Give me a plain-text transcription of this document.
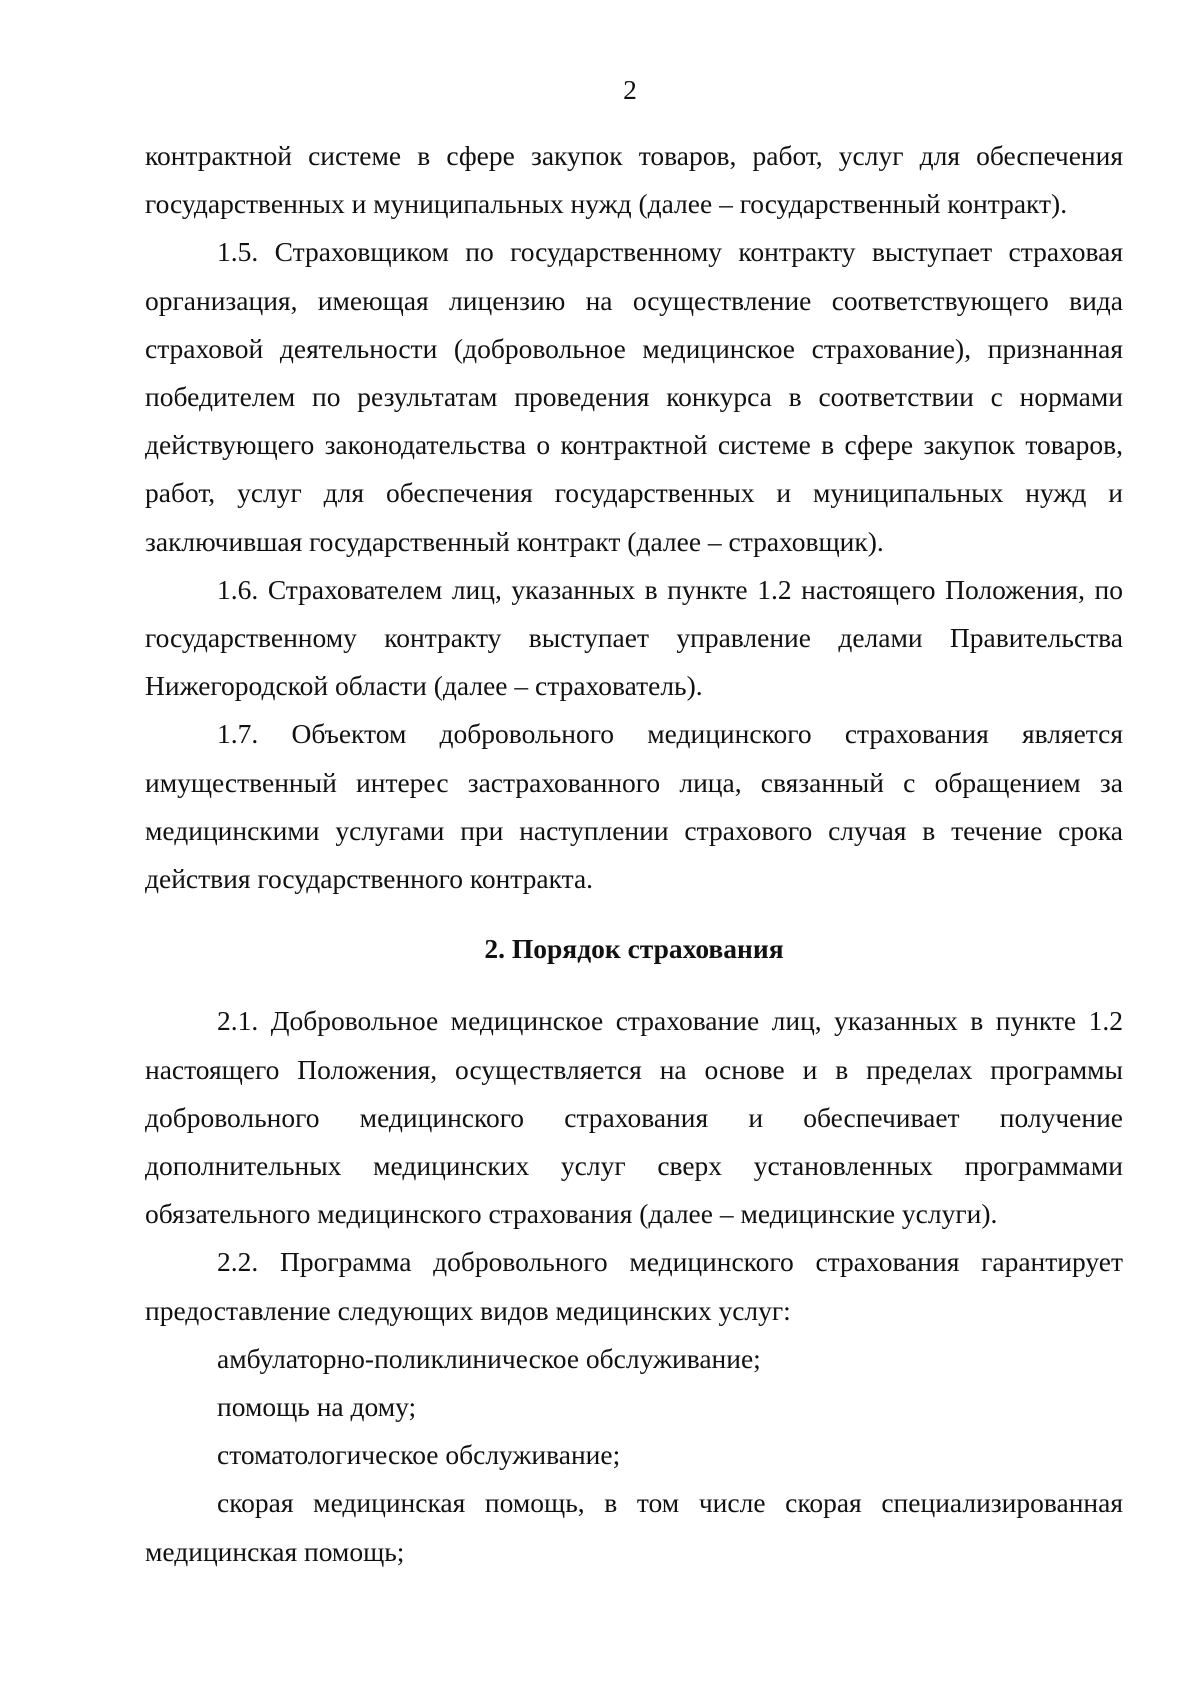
2

контрактной системе в сфере закупок товаров, работ, услуг для обеспечения государственных и муниципальных нужд (далее – государственный контракт).

1.5. Страховщиком по государственному контракту выступает страховая организация, имеющая лицензию на осуществление соответствующего вида страховой деятельности (добровольное медицинское страхование), признанная победителем по результатам проведения конкурса в соответствии с нормами действующего законодательства о контрактной системе в сфере закупок товаров, работ, услуг для обеспечения государственных и муниципальных нужд и заключившая государственный контракт (далее – страховщик).

1.6. Страхователем лиц, указанных в пункте 1.2 настоящего Положения, по государственному контракту выступает управление делами Правительства Нижегородской области (далее – страхователь).

1.7. Объектом добровольного медицинского страхования является имущественный интерес застрахованного лица, связанный с обращением за медицинскими услугами при наступлении страхового случая в течение срока действия государственного контракта.

2. Порядок страхования

2.1. Добровольное медицинское страхование лиц, указанных в пункте 1.2 настоящего Положения, осуществляется на основе и в пределах программы добровольного медицинского страхования и обеспечивает получение дополнительных медицинских услуг сверх установленных программами обязательного медицинского страхования (далее – медицинские услуги).

2.2. Программа добровольного медицинского страхования гарантирует предоставление следующих видов медицинских услуг:

амбулаторно-поликлиническое обслуживание;

помощь на дому;

стоматологическое обслуживание;

скорая медицинская помощь, в том числе скорая специализированная медицинская помощь;
